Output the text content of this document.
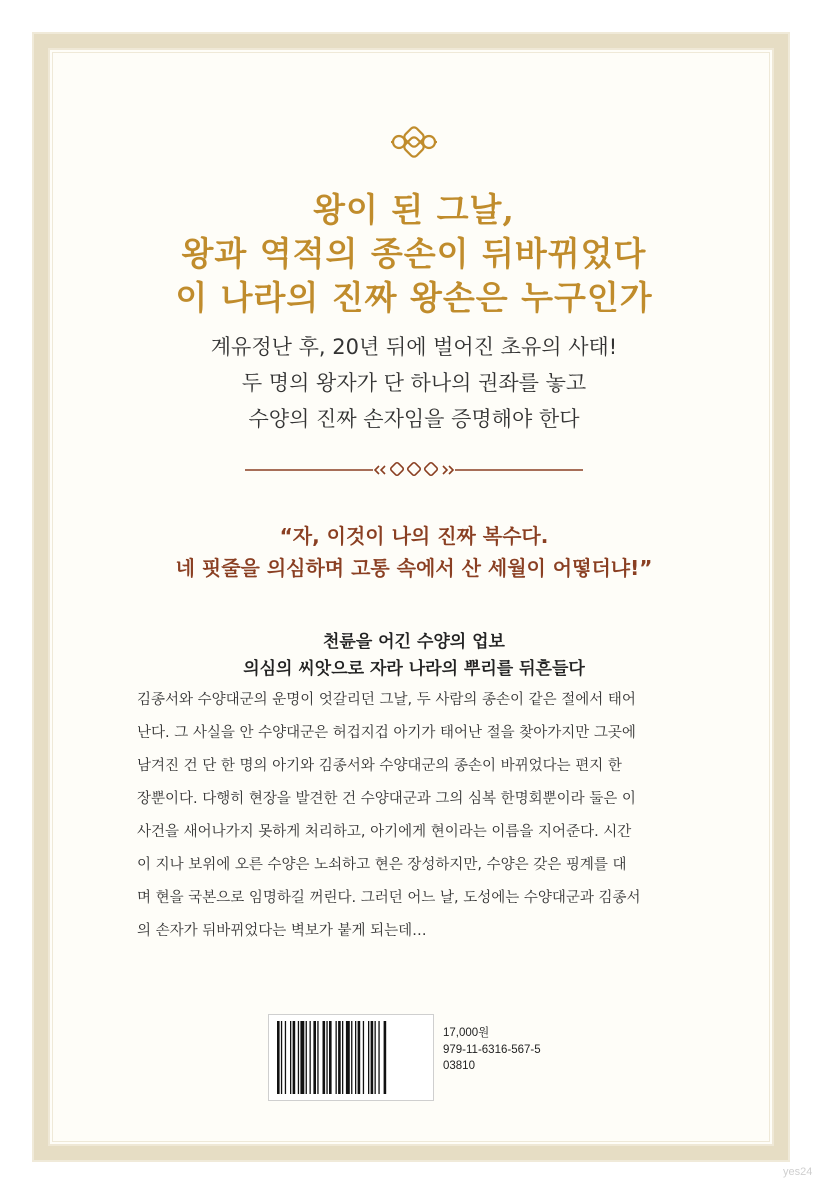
왕이 된 그날,
왕과 역적의 종손이 뒤바뀌었다
이 나라의 진짜 왕손은 누구인가
계유정난 후, 20년 뒤에 벌어진 초유의 사태!
두 명의 왕자가 단 하나의 권좌를 놓고
수양의 진짜 손자임을 증명해야 한다
“자, 이것이 나의 진짜 복수다.
네 핏줄을 의심하며 고통 속에서 산 세월이 어떻더냐!”
천륜을 어긴 수양의 업보
의심의 씨앗으로 자라 나라의 뿌리를 뒤흔들다
김종서와 수양대군의 운명이 엇갈리던 그날, 두 사람의 종손이 같은 절에서 태어
난다. 그 사실을 안 수양대군은 허겁지겁 아기가 태어난 절을 찾아가지만 그곳에
남겨진 건 단 한 명의 아기와 김종서와 수양대군의 종손이 바뀌었다는 편지 한
장뿐이다. 다행히 현장을 발견한 건 수양대군과 그의 심복 한명회뿐이라 둘은 이
사건을 새어나가지 못하게 처리하고, 아기에게 현이라는 이름을 지어준다. 시간
이 지나 보위에 오른 수양은 노쇠하고 현은 장성하지만, 수양은 갖은 핑계를 대
며 현을 국본으로 임명하길 꺼린다. 그러던 어느 날, 도성에는 수양대군과 김종서
의 손자가 뒤바뀌었다는 벽보가 붙게 되는데…
17,000원
979-11-6316-567-5
03810
yes24
